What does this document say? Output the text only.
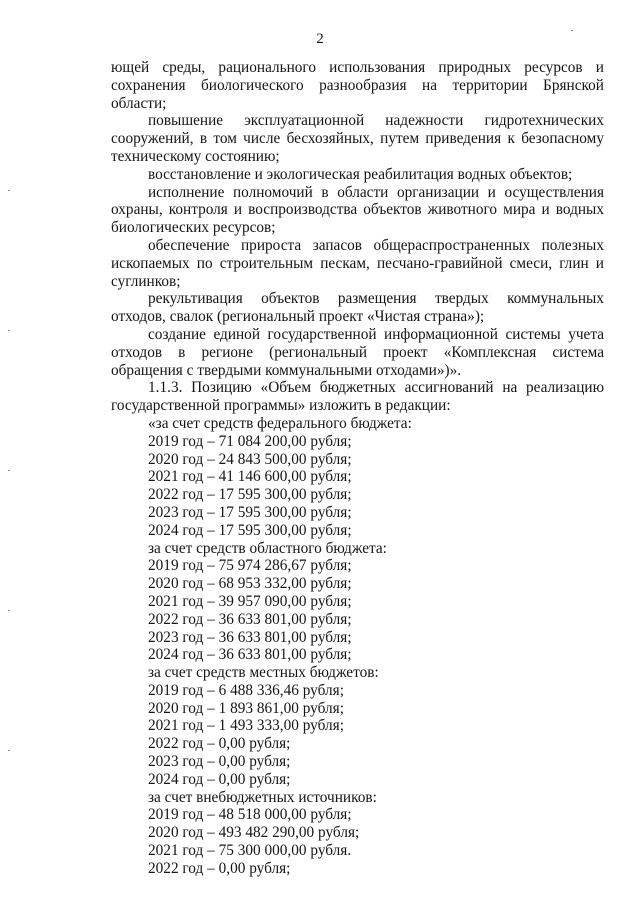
2

ющей среды, рационального использования природных ресурсов и сохранения биологического разнообразия на территории Брянской области;

повышение эксплуатационной надежности гидротехнических сооружений, в том числе бесхозяйных, путем приведения к безопасному техническому состоянию;

восстановление и экологическая реабилитация водных объектов;

исполнение полномочий в области организации и осуществления охраны, контроля и воспроизводства объектов животного мира и водных биологических ресурсов;

обеспечение прироста запасов общераспространенных полезных ископаемых по строительным пескам, песчано-гравийной смеси, глин и суглинков;

рекультивация объектов размещения твердых коммунальных отходов, свалок (региональный проект «Чистая страна»);

создание единой государственной информационной системы учета отходов в регионе (региональный проект «Комплексная система обращения с твердыми коммунальными отходами»)».

1.1.3. Позицию «Объем бюджетных ассигнований на реализацию государственной программы» изложить в редакции:

«за счет средств федерального бюджета:

2019 год – 71 084 200,00 рубля;

2020 год – 24 843 500,00 рубля;

2021 год – 41 146 600,00 рубля;

2022 год – 17 595 300,00 рубля;

2023 год – 17 595 300,00 рубля;

2024 год – 17 595 300,00 рубля;

за счет средств областного бюджета:

2019 год – 75 974 286,67 рубля;

2020 год – 68 953 332,00 рубля;

2021 год – 39 957 090,00 рубля;

2022 год – 36 633 801,00 рубля;

2023 год – 36 633 801,00 рубля;

2024 год – 36 633 801,00 рубля;

за счет средств местных бюджетов:

2019 год – 6 488 336,46 рубля;

2020 год – 1 893 861,00 рубля;

2021 год – 1 493 333,00 рубля;

2022 год – 0,00 рубля;

2023 год – 0,00 рубля;

2024 год – 0,00 рубля;

за счет внебюджетных источников:

2019 год – 48 518 000,00 рубля;

2020 год – 493 482 290,00 рубля;

2021 год – 75 300 000,00 рубля.

2022 год – 0,00 рубля;
